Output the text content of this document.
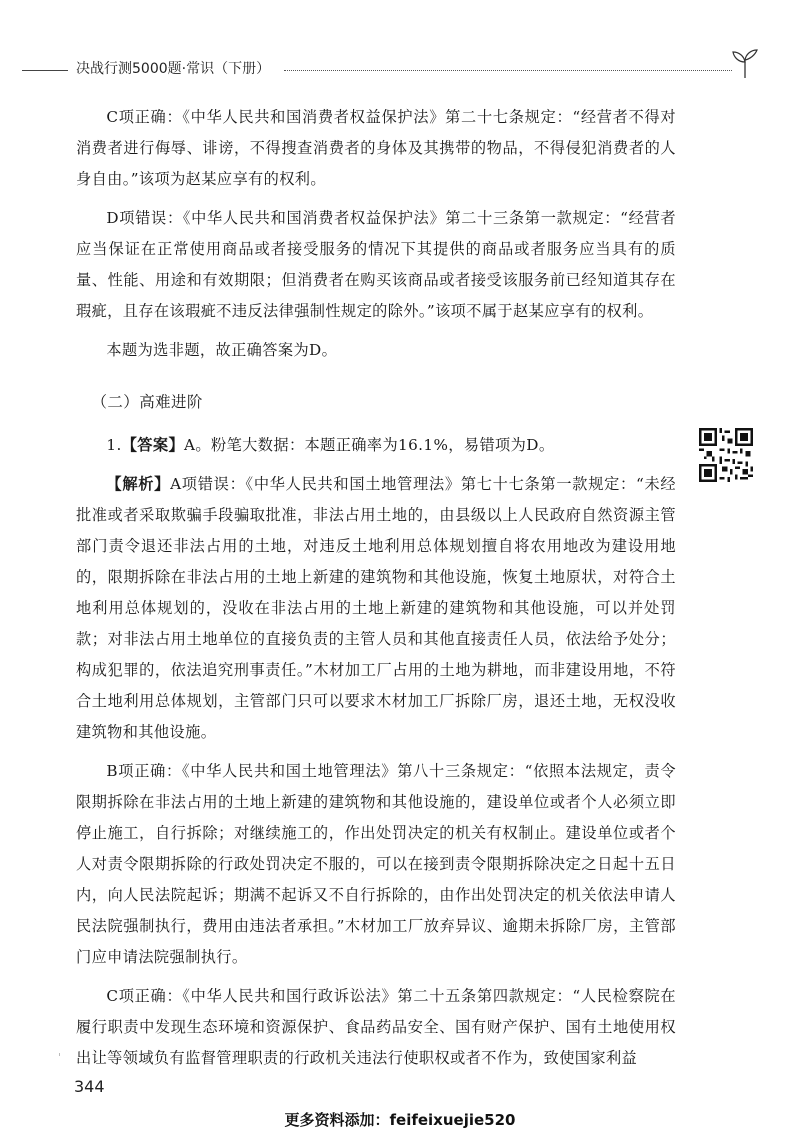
决战行测5000题·常识（下册）

C项正确：《中华人民共和国消费者权益保护法》第二十七条规定：“经营者不得对消费者进行侮辱、诽谤，不得搜查消费者的身体及其携带的物品，不得侵犯消费者的人身自由。”该项为赵某应享有的权利。

D项错误：《中华人民共和国消费者权益保护法》第二十三条第一款规定：“经营者应当保证在正常使用商品或者接受服务的情况下其提供的商品或者服务应当具有的质量、性能、用途和有效期限；但消费者在购买该商品或者接受该服务前已经知道其存在瑕疵，且存在该瑕疵不违反法律强制性规定的除外。”该项不属于赵某应享有的权利。

本题为选非题，故正确答案为D。

（二）高难进阶

1.【答案】A。粉笔大数据：本题正确率为16.1%，易错项为D。

【解析】A项错误：《中华人民共和国土地管理法》第七十七条第一款规定：“未经批准或者采取欺骗手段骗取批准，非法占用土地的，由县级以上人民政府自然资源主管部门责令退还非法占用的土地，对违反土地利用总体规划擅自将农用地改为建设用地的，限期拆除在非法占用的土地上新建的建筑物和其他设施，恢复土地原状，对符合土地利用总体规划的，没收在非法占用的土地上新建的建筑物和其他设施，可以并处罚款；对非法占用土地单位的直接负责的主管人员和其他直接责任人员，依法给予处分；构成犯罪的，依法追究刑事责任。”木材加工厂占用的土地为耕地，而非建设用地，不符合土地利用总体规划，主管部门只可以要求木材加工厂拆除厂房，退还土地，无权没收建筑物和其他设施。

B项正确：《中华人民共和国土地管理法》第八十三条规定：“依照本法规定，责令限期拆除在非法占用的土地上新建的建筑物和其他设施的，建设单位或者个人必须立即停止施工，自行拆除；对继续施工的，作出处罚决定的机关有权制止。建设单位或者个人对责令限期拆除的行政处罚决定不服的，可以在接到责令限期拆除决定之日起十五日内，向人民法院起诉；期满不起诉又不自行拆除的，由作出处罚决定的机关依法申请人民法院强制执行，费用由违法者承担。”木材加工厂放弃异议、逾期未拆除厂房，主管部门应申请法院强制执行。

C项正确：《中华人民共和国行政诉讼法》第二十五条第四款规定：“人民检察院在履行职责中发现生态环境和资源保护、食品药品安全、国有财产保护、国有土地使用权出让等领域负有监督管理职责的行政机关违法行使职权或者不作为，致使国家利益

344
更多资料添加：feifeixuejie520
